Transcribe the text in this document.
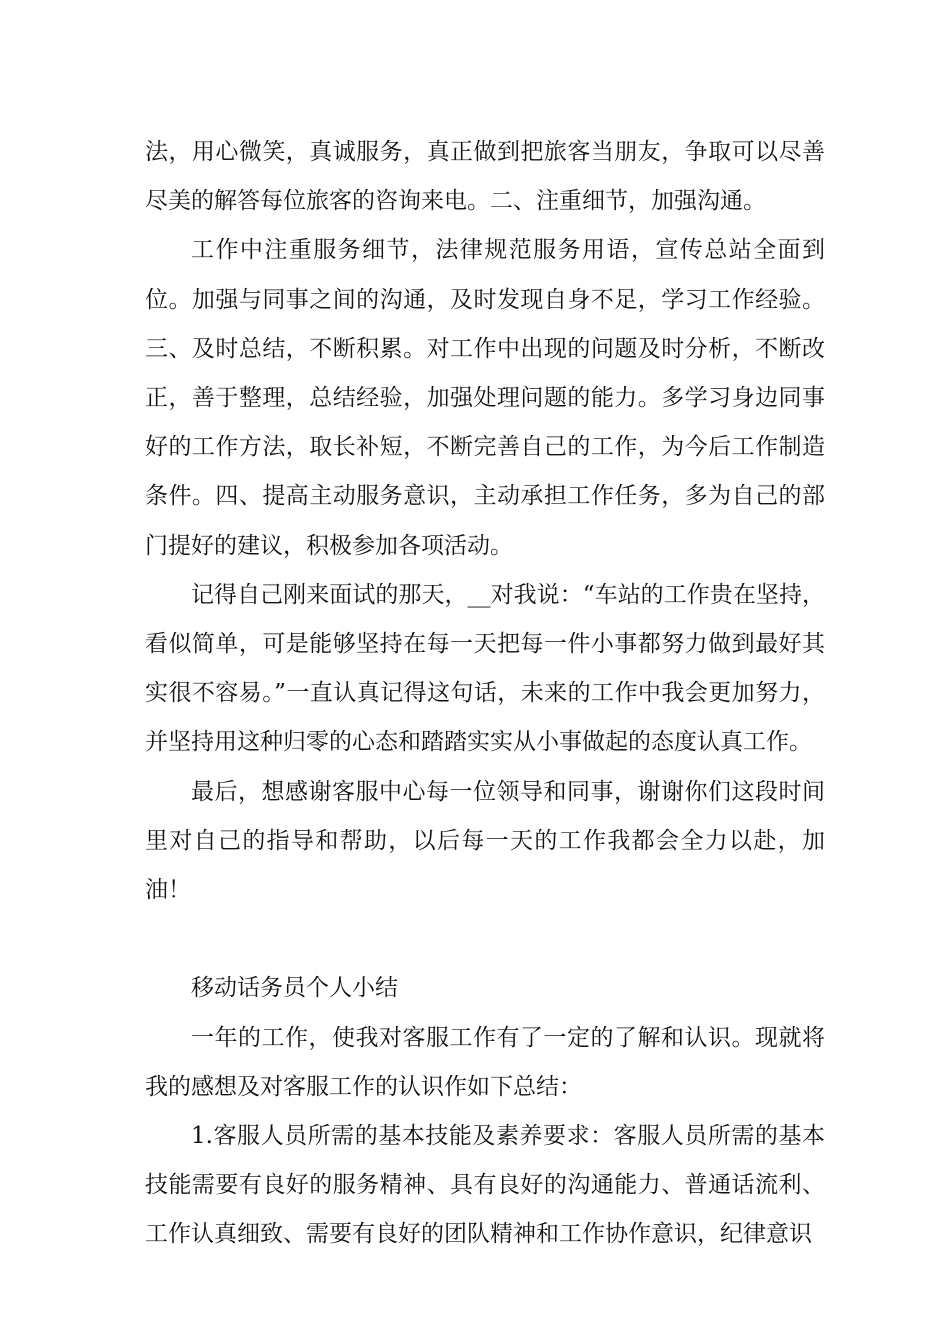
法，用心微笑，真诚服务，真正做到把旅客当朋友，争取可以尽善尽美的解答每位旅客的咨询来电。二、注重细节，加强沟通。

工作中注重服务细节，法律规范服务用语，宣传总站全面到位。加强与同事之间的沟通，及时发现自身不足，学习工作经验。三、及时总结，不断积累。对工作中出现的问题及时分析，不断改正，善于整理，总结经验，加强处理问题的能力。多学习身边同事好的工作方法，取长补短，不断完善自己的工作，为今后工作制造条件。四、提高主动服务意识，主动承担工作任务，多为自己的部门提好的建议，积极参加各项活动。

记得自己刚来面试的那天，__对我说：“车站的工作贵在坚持，看似简单，可是能够坚持在每一天把每一件小事都努力做到最好其实很不容易。”一直认真记得这句话，未来的工作中我会更加努力，并坚持用这种归零的心态和踏踏实实从小事做起的态度认真工作。

最后，想感谢客服中心每一位领导和同事，谢谢你们这段时间里对自己的指导和帮助，以后每一天的工作我都会全力以赴，加油！

移动话务员个人小结

一年的工作，使我对客服工作有了一定的了解和认识。现就将我的感想及对客服工作的认识作如下总结：

1.客服人员所需的基本技能及素养要求：客服人员所需的基本技能需要有良好的服务精神、具有良好的沟通能力、普通话流利、工作认真细致、需要有良好的团队精神和工作协作意识，纪律意识
